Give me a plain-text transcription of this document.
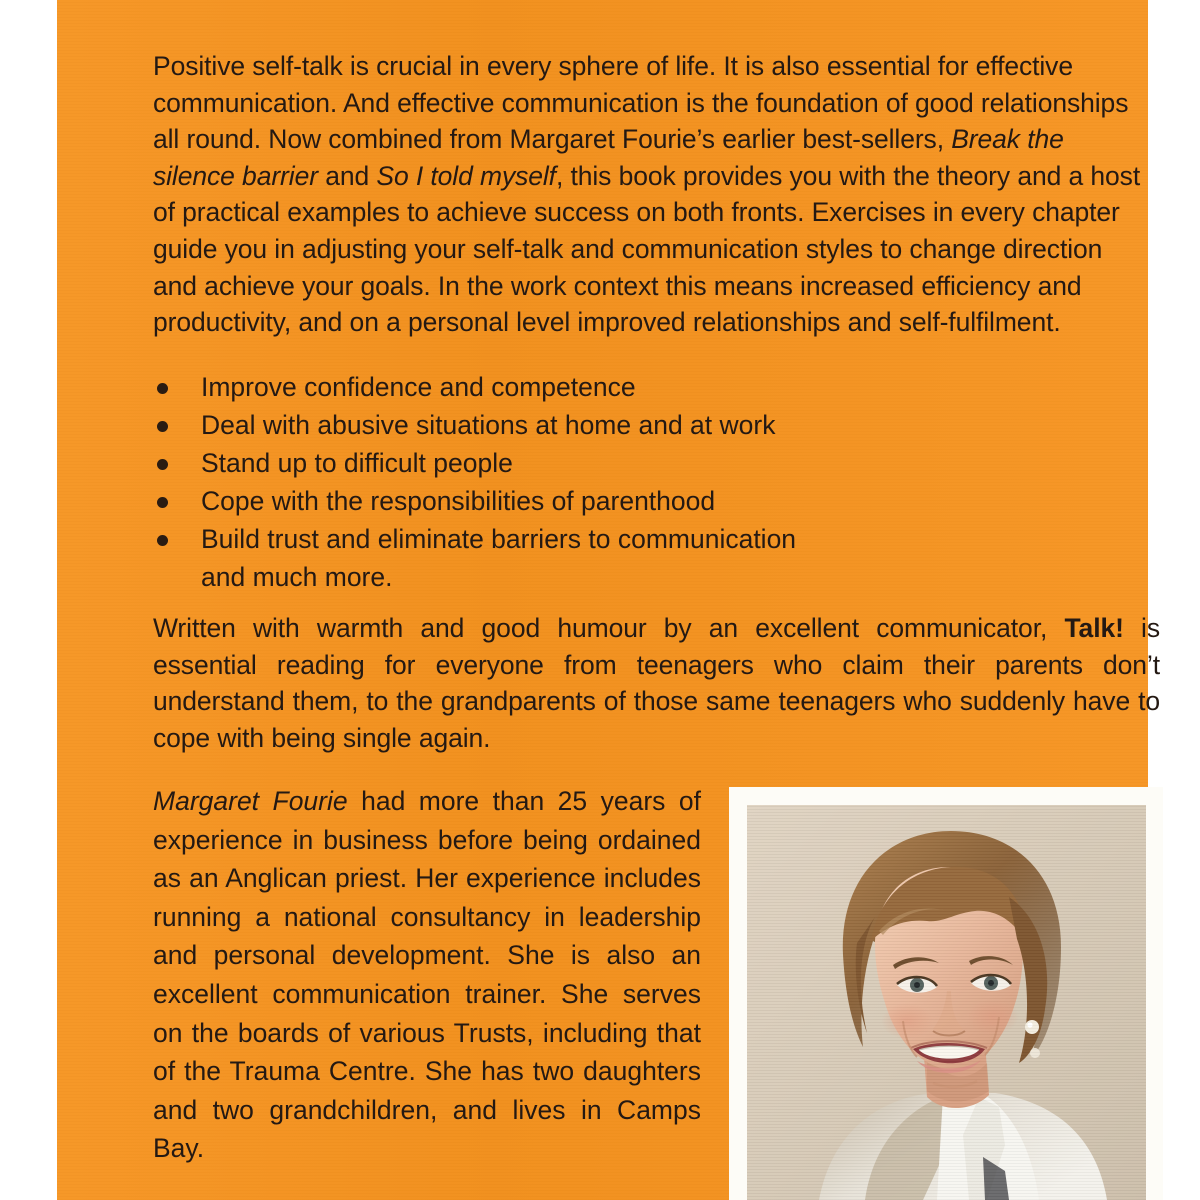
Positive self-talk is crucial in every sphere of life. It is also essential for effective
communication. And effective communication is the foundation of good relationships
all round. Now combined from Margaret Fourie’s earlier best-sellers, Break the
silence barrier and So I told myself, this book provides you with the theory and a host
of practical examples to achieve success on both fronts. Exercises in every chapter
guide you in adjusting your self-talk and communication styles to change direction
and achieve your goals. In the work context this means increased efficiency and
productivity, and on a personal level improved relationships and self-fulfilment.

Improve confidence and competence
Deal with abusive situations at home and at work
Stand up to difficult people
Cope with the responsibilities of parenthood
Build trust and eliminate barriers to communication
and much more.

Written with warmth and good humour by an excellent communicator, Talk! is essential reading for everyone from teenagers who claim their parents don’t understand them, to the grandparents of those same teenagers who suddenly have to cope with being single again.

Margaret Fourie had more than 25 years of experience in business before being ordained as an Anglican priest. Her experience includes running a national consultancy in leadership and personal development. She is also an excellent communication trainer. She serves on the boards of various Trusts, including that of the Trauma Centre. She has two daughters and two grandchildren, and lives in Camps Bay.
